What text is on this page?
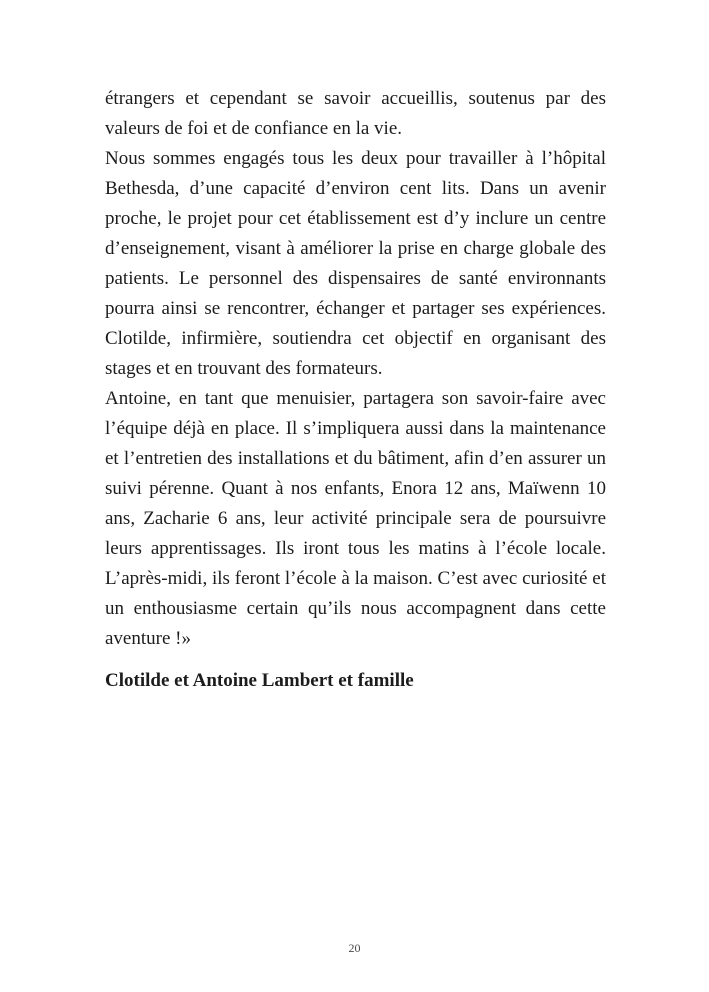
étrangers et cependant se savoir accueillis, soutenus par des valeurs de foi et de confiance en la vie.

Nous sommes engagés tous les deux pour travailler à l’hôpital Bethesda, d’une capacité d’environ cent lits. Dans un avenir proche, le projet pour cet établissement est d’y inclure un centre d’enseignement, visant à améliorer la prise en charge globale des patients. Le personnel des dispensaires de santé environnants pourra ainsi se rencontrer, échanger et partager ses expériences. Clotilde, infirmière, soutiendra cet objectif en organisant des stages et en trouvant des formateurs.

Antoine, en tant que menuisier, partagera son savoir-faire avec l’équipe déjà en place. Il s’impliquera aussi dans la maintenance et l’entretien des installations et du bâtiment, afin d’en assurer un suivi pérenne. Quant à nos enfants, Enora 12 ans, Maïwenn 10 ans, Zacharie 6 ans, leur activité principale sera de poursuivre leurs apprentissages. Ils iront tous les matins à l’école locale. L’après-midi, ils feront l’école à la maison. C’est avec curiosité et un enthousiasme certain qu’ils nous accompagnent dans cette aventure !»

Clotilde et Antoine Lambert et famille

20
